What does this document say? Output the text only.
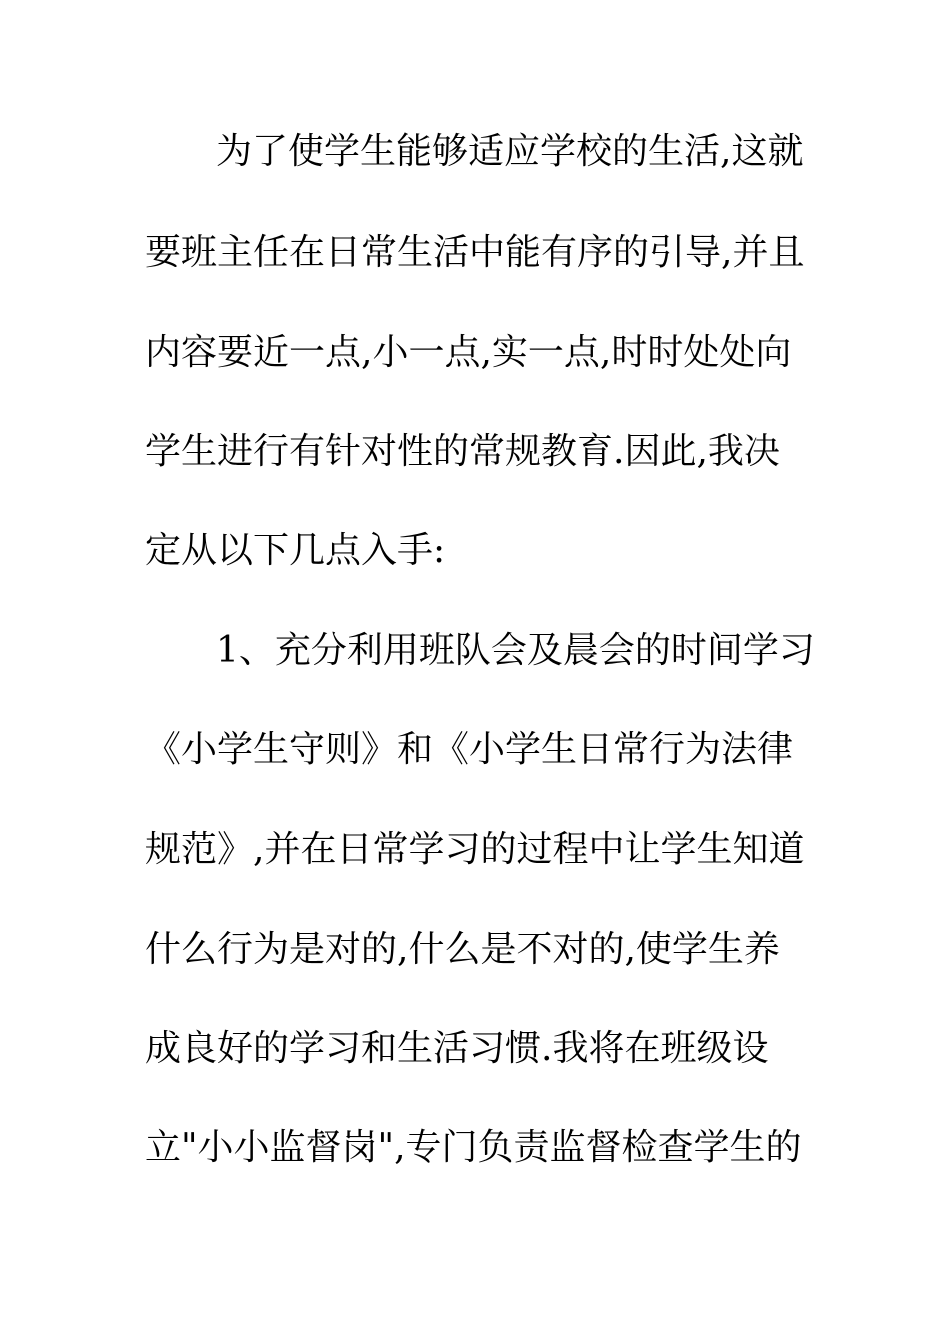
为了使学生能够适应学校的生活,这就
要班主任在日常生活中能有序的引导,并且
内容要近一点,小一点,实一点,时时处处向
学生进行有针对性的常规教育.因此,我决
定从以下几点入手:
1、充分利用班队会及晨会的时间学习
《小学生守则》和《小学生日常行为法律
规范》,并在日常学习的过程中让学生知道
什么行为是对的,什么是不对的,使学生养
成良好的学习和生活习惯.我将在班级设
立"小小监督岗",专门负责监督检查学生的
